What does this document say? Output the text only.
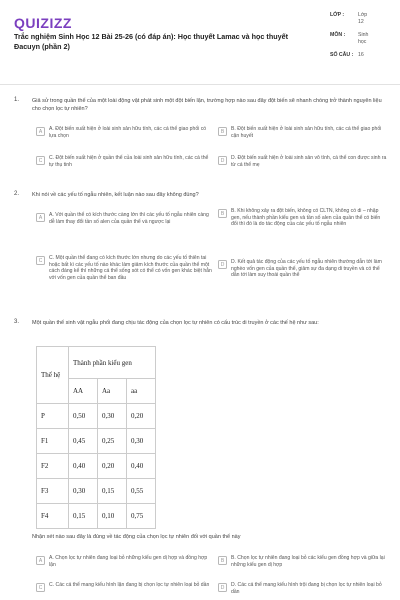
QUIZIZZ
Trắc nghiệm Sinh Học 12 Bài 25-26 (có đáp án): Học thuyết Lamac và học thuyết Đacuyn (phần 2)
LỚP :	Lớp
12
MÔN :	Sinh
học
SỐ CÂU : 16
1. Giả sử trong quần thể của một loài động vật phát sinh một đột biến lặn, trường hợp nào sau đây đột biến sẽ nhanh chóng trở thành nguyên liệu cho chọn lọc tự nhiên?
A	A. Đột biến xuất hiện ở loài sinh sản hữu tính, các cá thể giao phối có lựa chọn
B	B. Đột biến xuất hiện ở loài sinh sản hữu tính, các cá thể giao phối cận huyết
C	C. Đột biến xuất hiện ở quần thể của loài sinh sản hữu tính, các cá thể tự thụ tinh
D	D. Đột biến xuất hiện ở loài sinh sản vô tính, cá thể con được sinh ra từ cá thể mẹ
2. Khi nói về các yếu tố ngẫu nhiên, kết luận nào sau đây không đúng?
A	A. Với quần thể có kích thước càng lớn thì các yếu tố ngẫu nhiên càng dễ làm thay đổi tần số alen của quần thể và ngược lại
B	B. Khi không xảy ra đột biến, không có CLTN, không có di – nhập gen, nếu thành phần kiểu gen và tần số alen của quần thể có biến đổi thì đó là do tác động của các yếu tố ngẫu nhiên
C	C. Một quần thể đang có kích thước lớn nhưng do các yếu tố thiên tai hoặc bất kì các yếu tố nào khác làm giảm kích thước của quần thể một cách đáng kể thì những cá thể sống sót có thể có vốn gen khác biệt hẳn với vốn gen của quần thể ban đầu
D	D. Kết quả tác động của các yếu tố ngẫu nhiên thường dẫn tới làm nghèo vốn gen của quần thể, giảm sự đa dạng di truyền và có thể dẫn tới làm suy thoái quần thể
3. Một quần thể sinh vật ngẫu phối đang chịu tác động của chọn lọc tự nhiên có cấu trúc di truyền ở các thế hệ như sau:
Thế hệ	Thành phần kiểu gen		
	AA	Aa	aa
P	0,50	0,30	0,20
F1	0,45	0,25	0,30
F2	0,40	0,20	0,40
F3	0,30	0,15	0,55
F4	0,15	0,10	0,75
Nhận xét nào sau đây là đúng về tác động của chọn lọc tự nhiên đối với quần thể này
A	A. Chọn lọc tự nhiên đang loại bỏ những kiểu gen dị hợp và đồng hợp lặn
B	B. Chọn lọc tự nhiên đang loại bỏ các kiểu gen đồng hợp và giữa lại những kiểu gen dị hợp
C	C. Các cá thể mang kiểu hình lặn đang bị chọn lọc tự nhiên loại bỏ dần	D	D. Các cá thể mang kiểu hình trội đang bị chọn lọc tự nhiên loại bỏ dần
